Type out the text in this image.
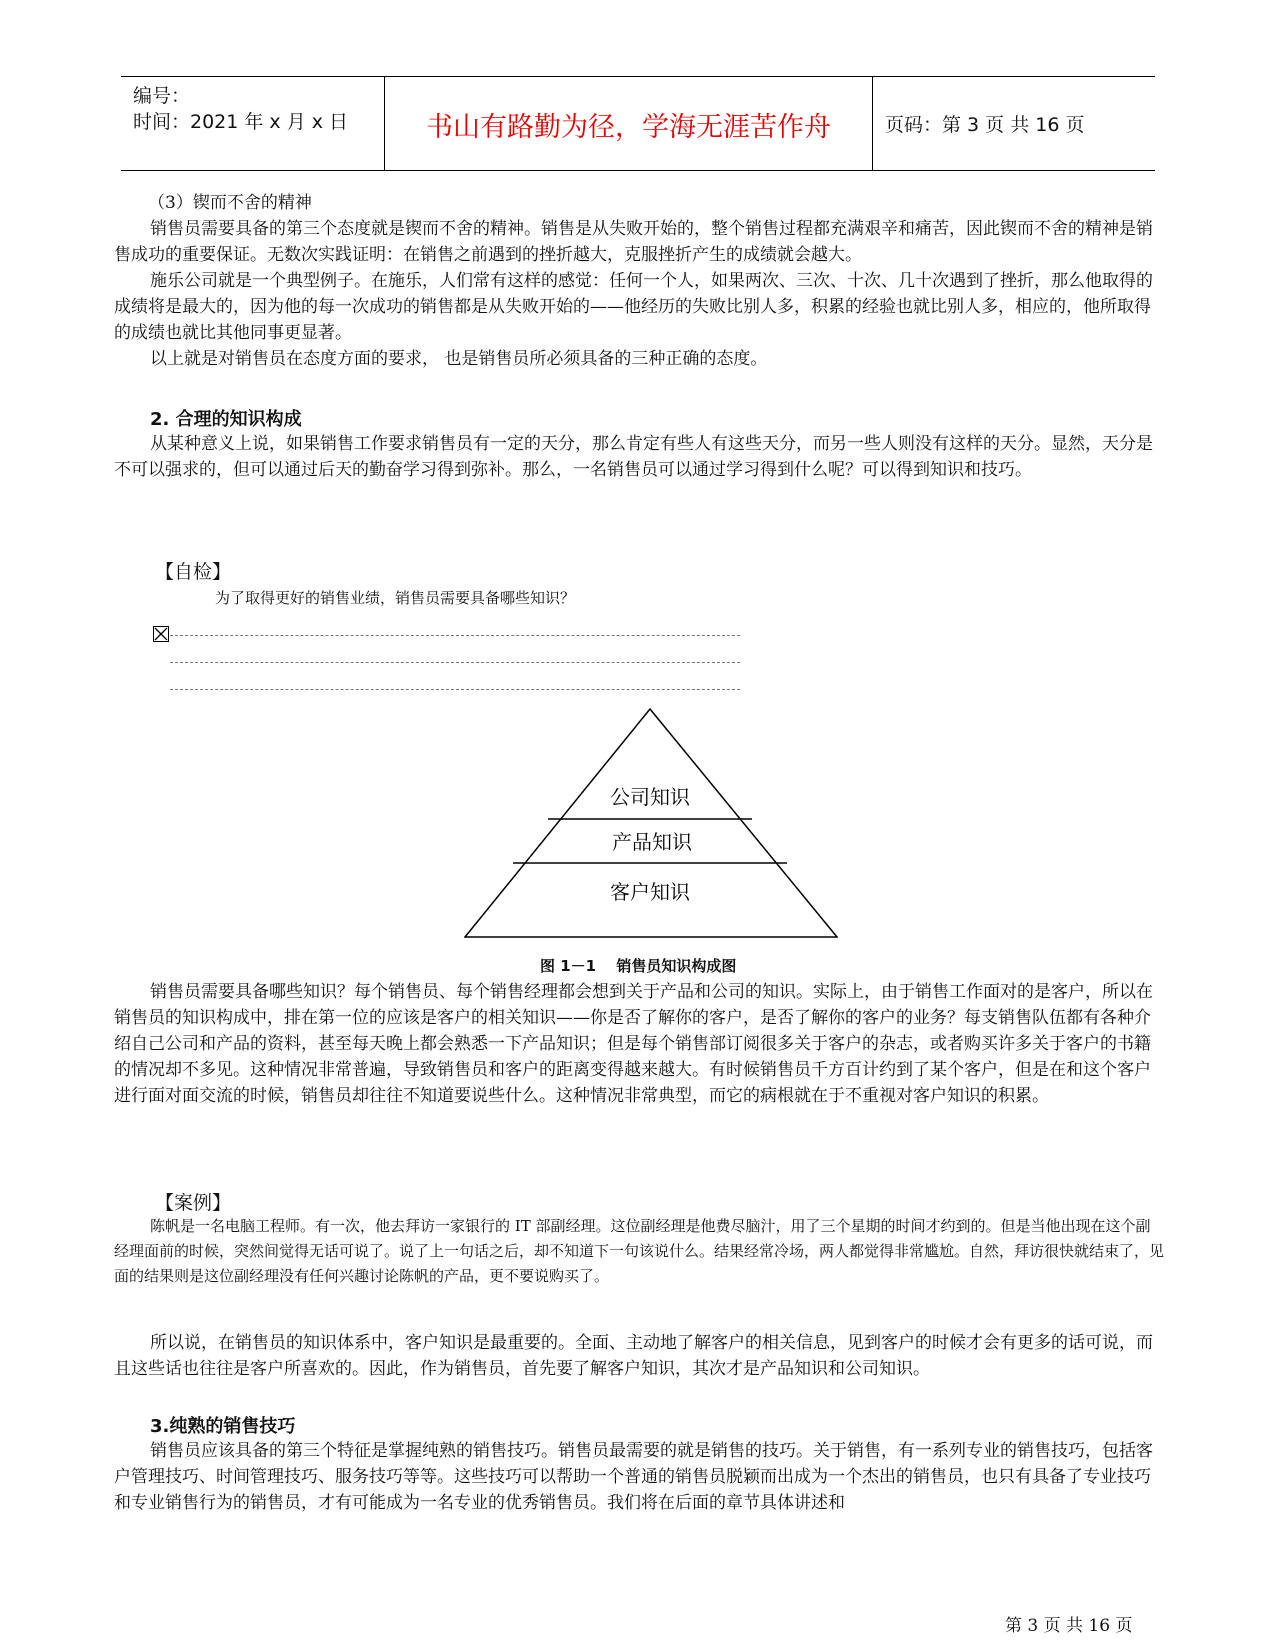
编号：
时间：2021 年 x 月 x 日	书山有路勤为径，学海无涯苦作舟	页码：第 3 页 共 16 页

（3）锲而不舍的精神

销售员需要具备的第三个态度就是锲而不舍的精神。销售是从失败开始的，整个销售过程都充满艰辛和痛苦，因此锲而不舍的精神是销售成功的重要保证。无数次实践证明：在销售之前遇到的挫折越大，克服挫折产生的成绩就会越大。

施乐公司就是一个典型例子。在施乐，人们常有这样的感觉：任何一个人，如果两次、三次、十次、几十次遇到了挫折，那么他取得的成绩将是最大的，因为他的每一次成功的销售都是从失败开始的——他经历的失败比别人多，积累的经验也就比别人多，相应的，他所取得的成绩也就比其他同事更显著。

以上就是对销售员在态度方面的要求， 也是销售员所必须具备的三种正确的态度。

2. 合理的知识构成

从某种意义上说，如果销售工作要求销售员有一定的天分，那么肯定有些人有这些天分，而另一些人则没有这样的天分。显然，天分是不可以强求的，但可以通过后天的勤奋学习得到弥补。那么，一名销售员可以通过学习得到什么呢？可以得到知识和技巧。

【自检】

为了取得更好的销售业绩，销售员需要具备哪些知识？

公司知识
产品知识
客户知识
图 1－1　 销售员知识构成图

销售员需要具备哪些知识？每个销售员、每个销售经理都会想到关于产品和公司的知识。实际上，由于销售工作面对的是客户，所以在销售员的知识构成中，排在第一位的应该是客户的相关知识——你是否了解你的客户，是否了解你的客户的业务？每支销售队伍都有各种介绍自己公司和产品的资料，甚至每天晚上都会熟悉一下产品知识；但是每个销售部订阅很多关于客户的杂志，或者购买许多关于客户的书籍的情况却不多见。这种情况非常普遍，导致销售员和客户的距离变得越来越大。有时候销售员千方百计约到了某个客户，但是在和这个客户进行面对面交流的时候，销售员却往往不知道要说些什么。这种情况非常典型，而它的病根就在于不重视对客户知识的积累。

【案例】

陈帆是一名电脑工程师。有一次，他去拜访一家银行的 IT 部副经理。这位副经理是他费尽脑汁，用了三个星期的时间才约到的。但是当他出现在这个副经理面前的时候，突然间觉得无话可说了。说了上一句话之后，却不知道下一句该说什么。结果经常冷场，两人都觉得非常尴尬。自然，拜访很快就结束了，见面的结果则是这位副经理没有任何兴趣讨论陈帆的产品，更不要说购买了。

所以说，在销售员的知识体系中，客户知识是最重要的。全面、主动地了解客户的相关信息，见到客户的时候才会有更多的话可说，而且这些话也往往是客户所喜欢的。因此，作为销售员，首先要了解客户知识，其次才是产品知识和公司知识。

3.纯熟的销售技巧

销售员应该具备的第三个特征是掌握纯熟的销售技巧。销售员最需要的就是销售的技巧。关于销售，有一系列专业的销售技巧，包括客户管理技巧、时间管理技巧、服务技巧等等。这些技巧可以帮助一个普通的销售员脱颖而出成为一个杰出的销售员，也只有具备了专业技巧和专业销售行为的销售员，才有可能成为一名专业的优秀销售员。我们将在后面的章节具体讲述和

第 3 页 共 16 页
